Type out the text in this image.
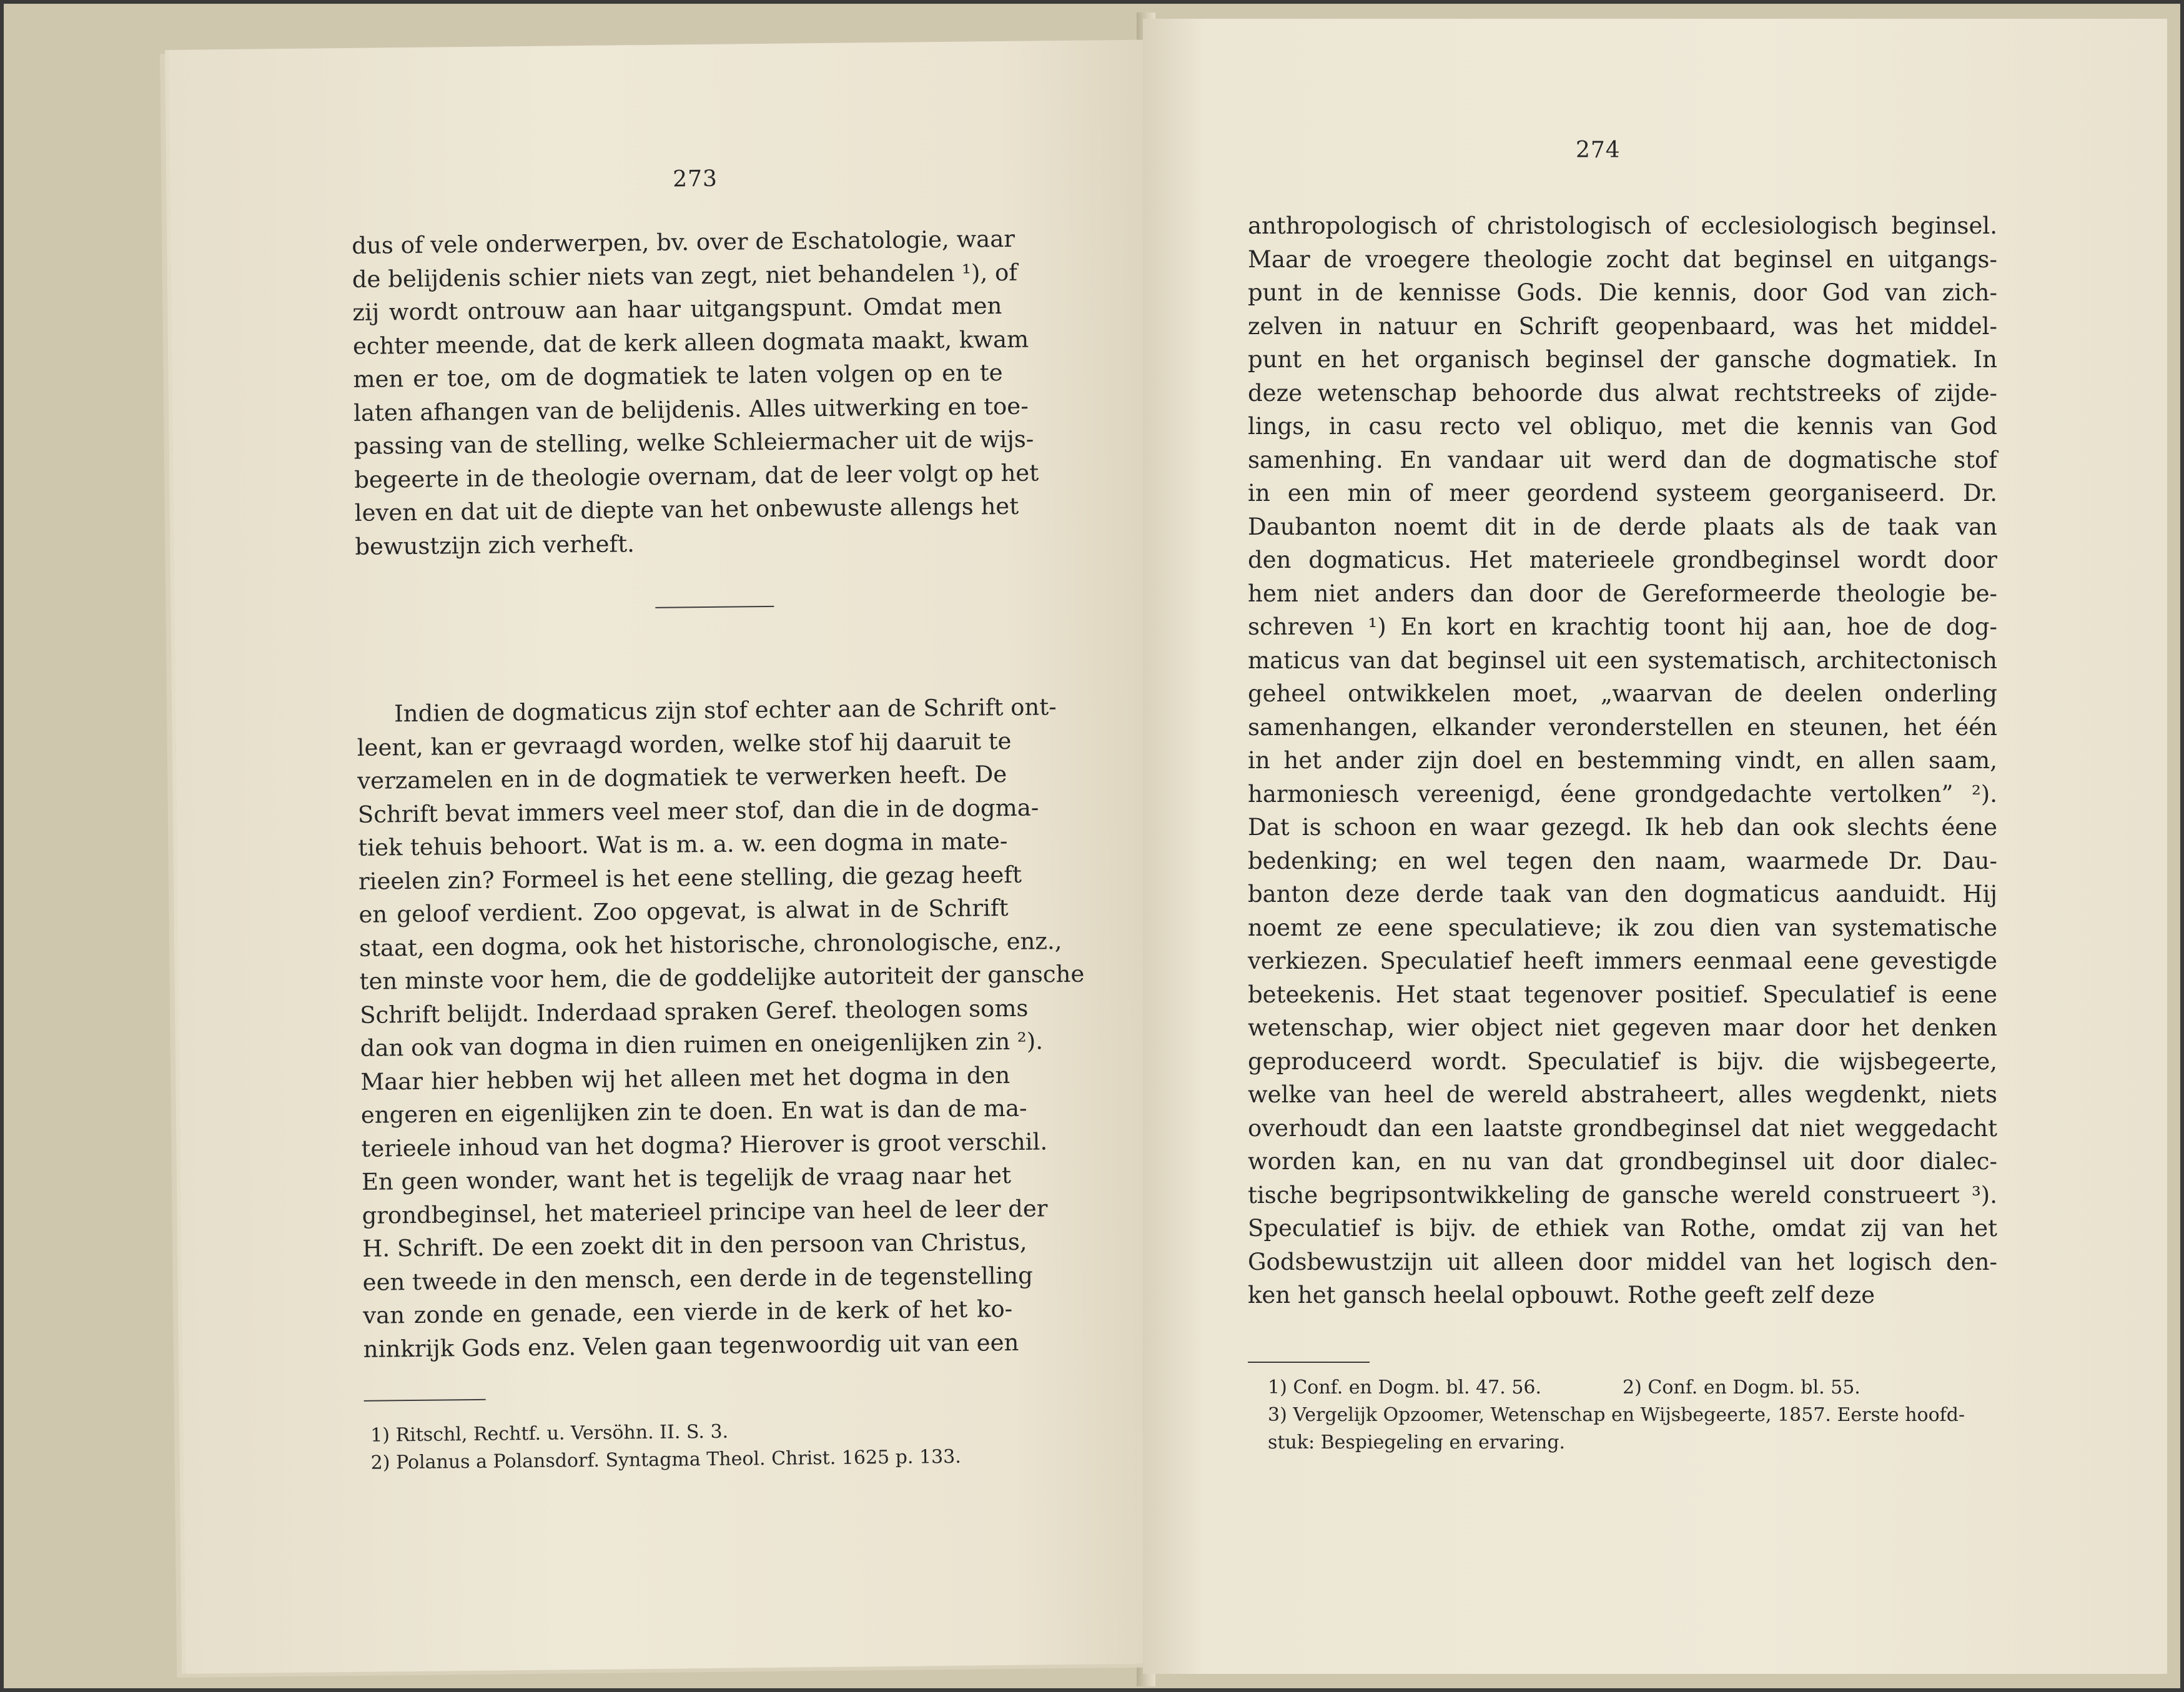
273
dus of vele onderwerpen, bv. over de Eschatologie, waar
de belijdenis schier niets van zegt, niet behandelen ¹), of
zij wordt ontrouw aan haar uitgangspunt. Omdat men
echter meende, dat de kerk alleen dogmata maakt, kwam
men er toe, om de dogmatiek te laten volgen op en te
laten afhangen van de belijdenis. Alles uitwerking en toe-
passing van de stelling, welke Schleiermacher uit de wijs-
begeerte in de theologie overnam, dat de leer volgt op het
leven en dat uit de diepte van het onbewuste allengs het
bewustzijn zich verheft.
Indien de dogmaticus zijn stof echter aan de Schrift ont-
leent, kan er gevraagd worden, welke stof hij daaruit te
verzamelen en in de dogmatiek te verwerken heeft. De
Schrift bevat immers veel meer stof, dan die in de dogma-
tiek tehuis behoort. Wat is m. a. w. een dogma in mate-
rieelen zin? Formeel is het eene stelling, die gezag heeft
en geloof verdient. Zoo opgevat, is alwat in de Schrift
staat, een dogma, ook het historische, chronologische, enz.,
ten minste voor hem, die de goddelijke autoriteit der gansche
Schrift belijdt. Inderdaad spraken Geref. theologen soms
dan ook van dogma in dien ruimen en oneigenlijken zin ²).
Maar hier hebben wij het alleen met het dogma in den
engeren en eigenlijken zin te doen. En wat is dan de ma-
terieele inhoud van het dogma? Hierover is groot verschil.
En geen wonder, want het is tegelijk de vraag naar het
grondbeginsel, het materieel principe van heel de leer der
H. Schrift. De een zoekt dit in den persoon van Christus,
een tweede in den mensch, een derde in de tegenstelling
van zonde en genade, een vierde in de kerk of het ko-
ninkrijk Gods enz. Velen gaan tegenwoordig uit van een
1) Ritschl, Rechtf. u. Versöhn. II. S. 3.
2) Polanus a Polansdorf. Syntagma Theol. Christ. 1625 p. 133.
274
anthropologisch of christologisch of ecclesiologisch beginsel.
Maar de vroegere theologie zocht dat beginsel en uitgangs-
punt in de kennisse Gods. Die kennis, door God van zich-
zelven in natuur en Schrift geopenbaard, was het middel-
punt en het organisch beginsel der gansche dogmatiek. In
deze wetenschap behoorde dus alwat rechtstreeks of zijde-
lings, in casu recto vel obliquo, met die kennis van God
samenhing. En vandaar uit werd dan de dogmatische stof
in een min of meer geordend systeem georganiseerd. Dr.
Daubanton noemt dit in de derde plaats als de taak van
den dogmaticus. Het materieele grondbeginsel wordt door
hem niet anders dan door de Gereformeerde theologie be-
schreven ¹) En kort en krachtig toont hij aan, hoe de dog-
maticus van dat beginsel uit een systematisch, architectonisch
geheel ontwikkelen moet, „waarvan de deelen onderling
samenhangen, elkander veronderstellen en steunen, het één
in het ander zijn doel en bestemming vindt, en allen saam,
harmoniesch vereenigd, éene grondgedachte vertolken” ²).
Dat is schoon en waar gezegd. Ik heb dan ook slechts éene
bedenking; en wel tegen den naam, waarmede Dr. Dau-
banton deze derde taak van den dogmaticus aanduidt. Hij
noemt ze eene speculatieve; ik zou dien van systematische
verkiezen. Speculatief heeft immers eenmaal eene gevestigde
beteekenis. Het staat tegenover positief. Speculatief is eene
wetenschap, wier object niet gegeven maar door het denken
geproduceerd wordt. Speculatief is bijv. die wijsbegeerte,
welke van heel de wereld abstraheert, alles wegdenkt, niets
overhoudt dan een laatste grondbeginsel dat niet weggedacht
worden kan, en nu van dat grondbeginsel uit door dialec-
tische begripsontwikkeling de gansche wereld construeert ³).
Speculatief is bijv. de ethiek van Rothe, omdat zij van het
Godsbewustzijn uit alleen door middel van het logisch den-
ken het gansch heelal opbouwt. Rothe geeft zelf deze
1) Conf. en Dogm. bl. 47. 56.	2) Conf. en Dogm. bl. 55.
3) Vergelijk Opzoomer, Wetenschap en Wijsbegeerte, 1857. Eerste hoofd-
stuk: Bespiegeling en ervaring.
